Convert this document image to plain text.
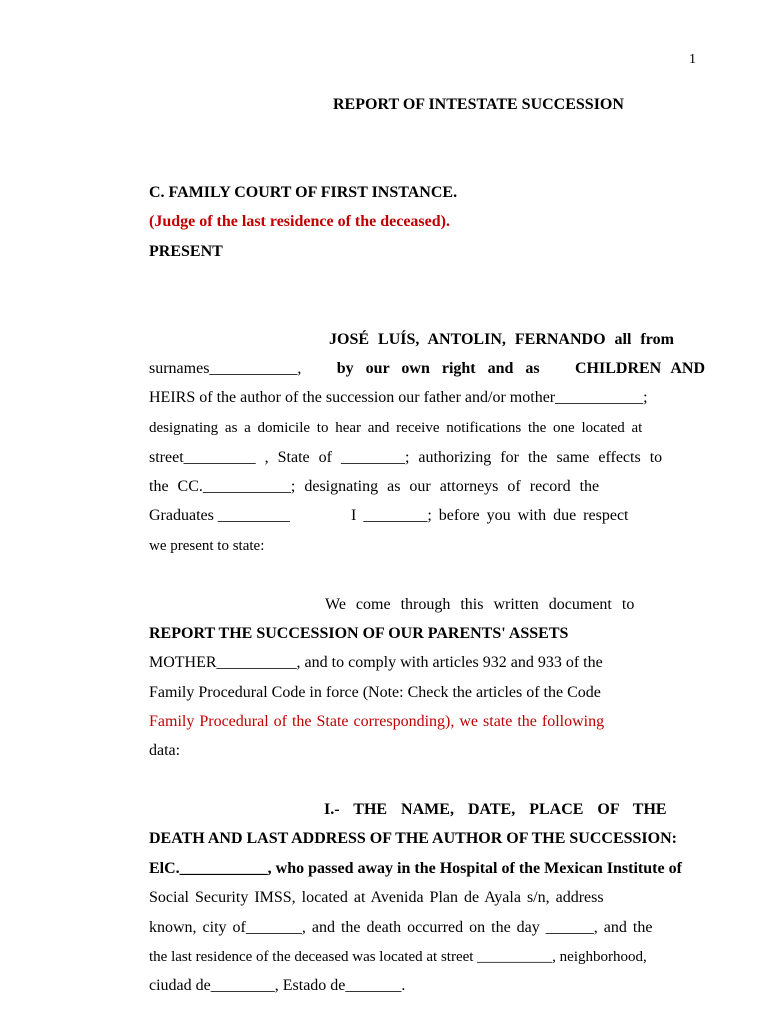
1
REPORT OF INTESTATE SUCCESSION
C. FAMILY COURT OF FIRST INSTANCE.
(Judge of the last residence of the deceased).
PRESENT
JOSÉ LUÍS, ANTOLIN, FERNANDO all from
surnames___________, by our own right and as CHILDREN AND
HEIRS of the author of the succession our father and/or mother___________;
designating as a domicile to hear and receive notifications the one located at
street_________ , State of ________; authorizing for the same effects to
the CC.___________; designating as our attorneys of record the
Graduates _________	I ________; before you with due respect
we present to state:
We come through this written document to
REPORT THE SUCCESSION OF OUR PARENTS' ASSETS
MOTHER__________, and to comply with articles 932 and 933 of the
Family Procedural Code in force (Note: Check the articles of the Code
Family Procedural of the State corresponding), we state the following
data:
I.- THE NAME, DATE, PLACE OF THE
DEATH AND LAST ADDRESS OF THE AUTHOR OF THE SUCCESSION:
ElC.___________, who passed away in the Hospital of the Mexican Institute of
Social Security IMSS, located at Avenida Plan de Ayala s/n, address
known, city of_______, and the death occurred on the day ______, and the
the last residence of the deceased was located at street __________, neighborhood,
ciudad de________, Estado de_______.
